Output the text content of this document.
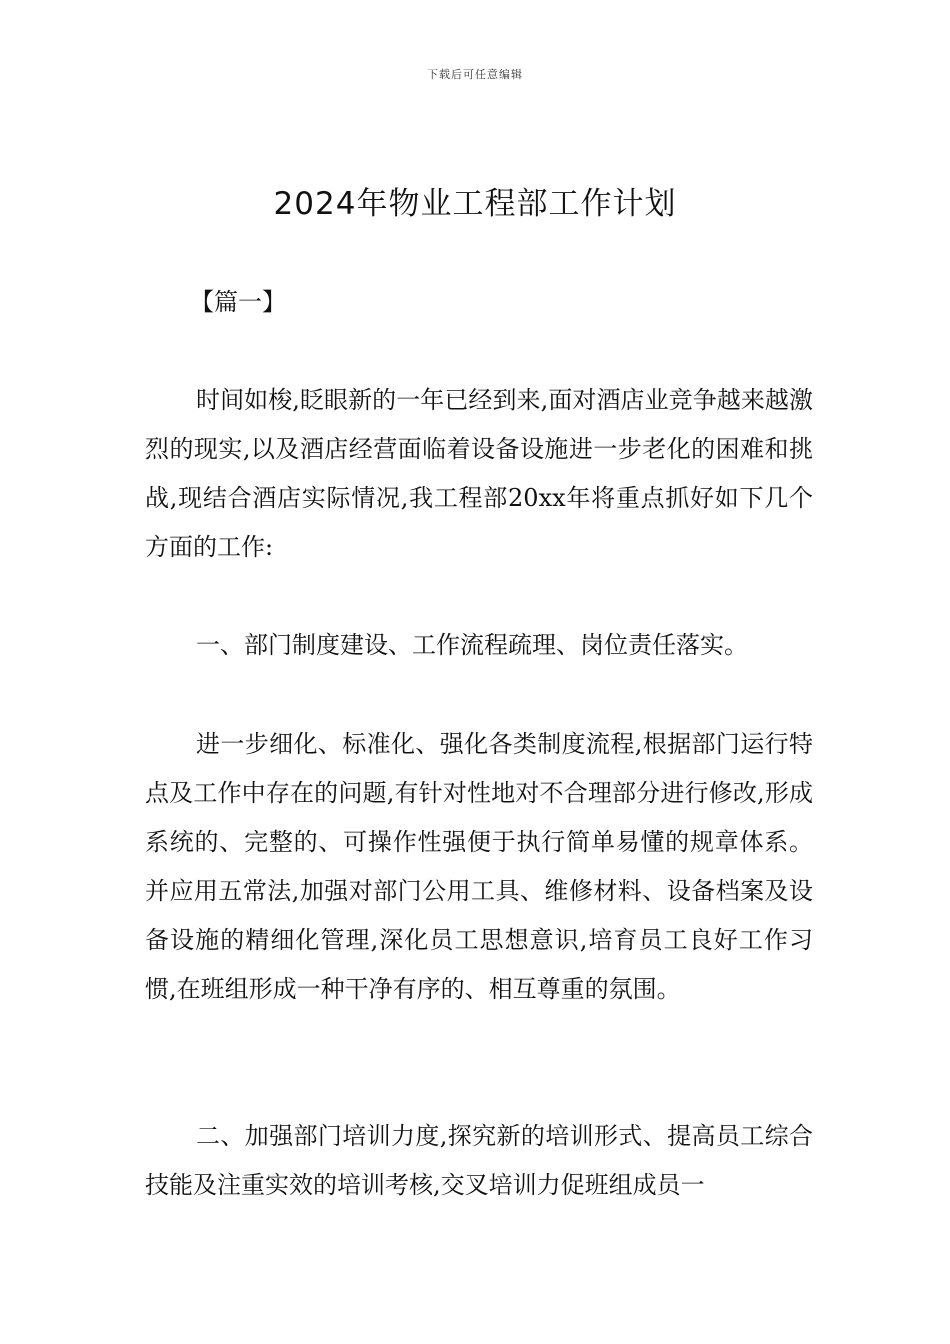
下载后可任意编辑
2024年物业工程部工作计划
【篇一】

时间如梭,眨眼新的一年已经到来,面对酒店业竞争越来越激烈的现实,以及酒店经营面临着设备设施进一步老化的困难和挑战,现结合酒店实际情况,我工程部20xx年将重点抓好如下几个方面的工作:

一、部门制度建设、工作流程疏理、岗位责任落实。

进一步细化、标准化、强化各类制度流程,根据部门运行特点及工作中存在的问题,有针对性地对不合理部分进行修改,形成系统的、完整的、可操作性强便于执行简单易懂的规章体系。并应用五常法,加强对部门公用工具、维修材料、设备档案及设备设施的精细化管理,深化员工思想意识,培育员工良好工作习惯,在班组形成一种干净有序的、相互尊重的氛围。

二、加强部门培训力度,探究新的培训形式、提高员工综合技能及注重实效的培训考核,交叉培训力促班组成员一
